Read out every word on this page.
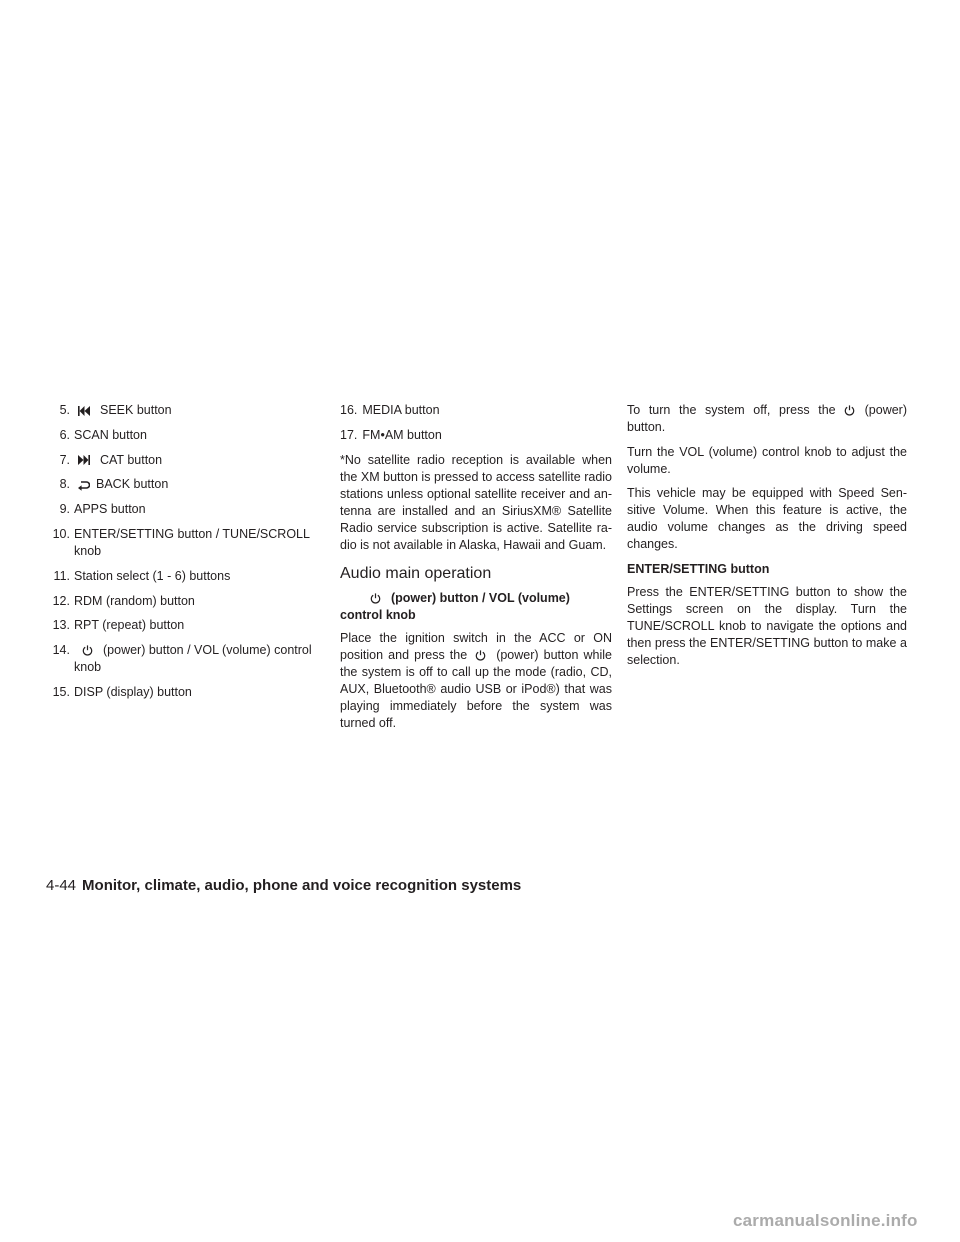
5. SEEK button
6. SCAN button
7. CAT button
8. BACK button
9. APPS button
10. ENTER/SETTING button / TUNE/SCROLL knob
11. Station select (1 - 6) buttons
12. RDM (random) button
13. RPT (repeat) button
14.	(power) button / VOL (volume) control knob
15. DISP (display) button
16. MEDIA button
17. FM•AM button

*No satellite radio reception is available when the XM button is pressed to access satellite radio stations unless optional satellite receiver and an-tenna are installed and an SiriusXM® Satellite Radio service subscription is active. Satellite ra-dio is not available in Alaska, Hawaii and Guam.

Audio main operation
(power) button / VOL (volume) control knob

Place the ignition switch in the ACC or ON position and press the (power) button while the system is off to call up the mode (radio, CD, AUX, Bluetooth® audio USB or iPod®) that was playing immediately before the system was turned off.

To turn the system off, press the (power) button.

Turn the VOL (volume) control knob to adjust the volume.

This vehicle may be equipped with Speed Sen-sitive Volume. When this feature is active, the audio volume changes as the driving speed changes.

ENTER/SETTING button

Press the ENTER/SETTING button to show the Settings screen on the display. Turn the TUNE/SCROLL knob to navigate the options and then press the ENTER/SETTING button to make a selection.

4-44 Monitor, climate, audio, phone and voice recognition systems
carmanualsonline.info
